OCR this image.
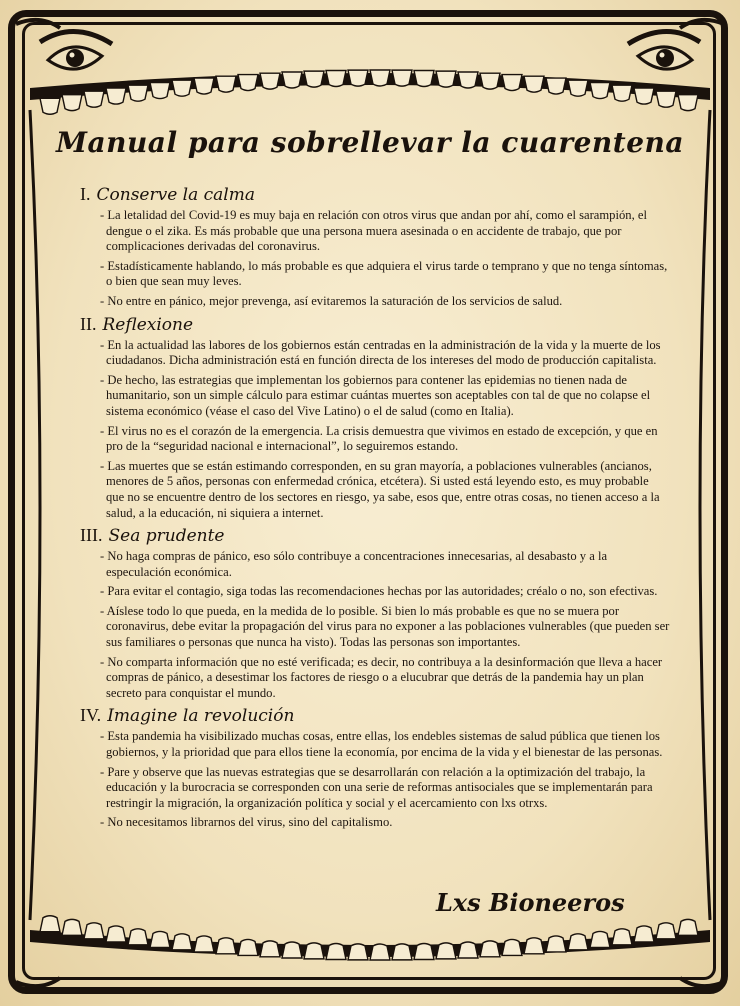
Manual para sobrellevar la cuarentena
I. Conserve la calma
- La letalidad del Covid-19 es muy baja en relación con otros virus que andan por ahí, como el sarampión, el dengue o el zika. Es más probable que una persona muera asesinada o en accidente de trabajo, que por complicaciones derivadas del coronavirus.
- Estadísticamente hablando, lo más probable es que adquiera el virus tarde o temprano y que no tenga síntomas, o bien que sean muy leves.
- No entre en pánico, mejor prevenga, así evitaremos la saturación de los servicios de salud.
II. Reflexione
- En la actualidad las labores de los gobiernos están centradas en la administración de la vida y la muerte de los ciudadanos. Dicha administración está en función directa de los intereses del modo de producción capitalista.
- De hecho, las estrategias que implementan los gobiernos para contener las epidemias no tienen nada de humanitario, son un simple cálculo para estimar cuántas muertes son aceptables con tal de que no colapse el sistema económico (véase el caso del Vive Latino) o el de salud (como en Italia).
- El virus no es el corazón de la emergencia. La crisis demuestra que vivimos en estado de excepción, y que en pro de la “seguridad nacional e internacional”, lo seguiremos estando.
- Las muertes que se están estimando corresponden, en su gran mayoría, a poblaciones vulnerables (ancianos, menores de 5 años, personas con enfermedad crónica, etcétera). Si usted está leyendo esto, es muy probable que no se encuentre dentro de los sectores en riesgo, ya sabe, esos que, entre otras cosas, no tienen acceso a la salud, a la educación, ni siquiera a internet.
III. Sea prudente
- No haga compras de pánico, eso sólo contribuye a concentraciones innecesarias, al desabasto y a la especulación económica.
- Para evitar el contagio, siga todas las recomendaciones hechas por las autoridades; créalo o no, son efectivas.
- Aíslese todo lo que pueda, en la medida de lo posible. Si bien lo más probable es que no se muera por coronavirus, debe evitar la propagación del virus para no exponer a las poblaciones vulnerables (que pueden ser sus familiares o personas que nunca ha visto). Todas las personas son importantes.
- No comparta información que no esté verificada; es decir, no contribuya a la desinformación que lleva a hacer compras de pánico, a desestimar los factores de riesgo o a elucubrar que detrás de la pandemia hay un plan secreto para conquistar el mundo.
IV. Imagine la revolución
- Esta pandemia ha visibilizado muchas cosas, entre ellas, los endebles sistemas de salud pública que tienen los gobiernos, y la prioridad que para ellos tiene la economía, por encima de la vida y el bienestar de las personas.
- Pare y observe que las nuevas estrategias que se desarrollarán con relación a la optimización del trabajo, la educación y la burocracia se corresponden con una serie de reformas antisociales que se implementarán para restringir la migración, la organización política y social y el acercamiento con lxs otrxs.
- No necesitamos librarnos del virus, sino del capitalismo.
Lxs Bioneeros
